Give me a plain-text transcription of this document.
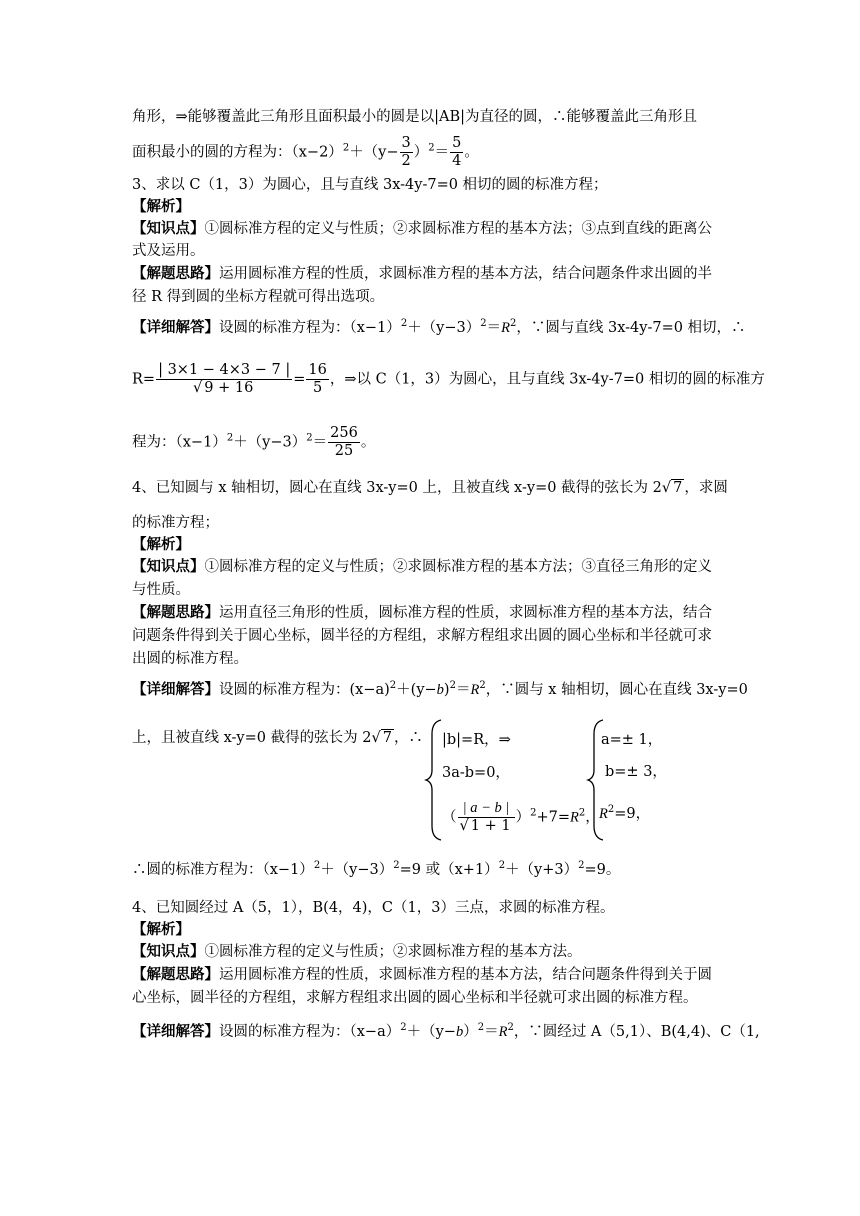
角形，⇒能够覆盖此三角形且面积最小的圆是以|AB|为直径的圆，∴能够覆盖此三角形且
面积最小的圆的方程为：$(x-2)^2+(y- \frac{3}{2} )^2= \frac{5}{4}$ 。
3、求以 C（1，3）为圆心，且与直线 3x-4y-7=0 相切的圆的标准方程；
【解析】
【知识点】①圆标准方程的定义与性质；②求圆标准方程的基本方法；③点到直线的距离公
式及运用。
【解题思路】运用圆标准方程的性质，求圆标准方程的基本方法，结合问题条件求出圆的半
径 R 得到圆的坐标方程就可得出选项。
【详细解答】设圆的标准方程为：$(x-1)^2+(y-3)^2=R^2$，∵圆与直线 3x-4y-7=0 相切，∴
$R= \frac{| 3\times 1 - 4\times 3 - 7 |}{√ 9 + 16} = \frac{16}{5}$ ，⇒以 C（1，3）为圆心，且与直线 3x-4y-7=0 相切的圆的标准方
程为：$(x-1)^2+(y-3)^2= \frac{256}{25}$ 。
4、已知圆与 x 轴相切，圆心在直线 3x-y=0 上，且被直线 x-y=0 截得的弦长为 2√ 7 ，求圆
的标准方程；
【解析】
【知识点】①圆标准方程的定义与性质；②求圆标准方程的基本方法；③直径三角形的定义
与性质。
【解题思路】运用直径三角形的性质，圆标准方程的性质，求圆标准方程的基本方法，结合
问题条件得到关于圆心坐标，圆半径的方程组，求解方程组求出圆的圆心坐标和半径就可求
出圆的标准方程。
【详细解答】设圆的标准方程为：$(x-a)^2+(y-b)^2=R^2$，∵圆与 x 轴相切，圆心在直线 3x-y=0
上，且被直线 x-y=0 截得的弦长为 2√ 7 ，∴ |b|=R，⇒
3a-b=0，
（ $\frac{| a - b |}{√ 1 + 1} )^2+7=R^2$，
a=± 1，
b=± 3，
$R^2=9$，
∴圆的标准方程为：$(x-1)^2+(y-3)^2=9$ 或$(x+1)^2+(y+3)^2=9$。
4、已知圆经过 A（5，1），B(4，4)，C（1，3）三点，求圆的标准方程。
【解析】
【知识点】①圆标准方程的定义与性质；②求圆标准方程的基本方法。
【解题思路】运用圆标准方程的性质，求圆标准方程的基本方法，结合问题条件得到关于圆
心坐标，圆半径的方程组，求解方程组求出圆的圆心坐标和半径就可求出圆的标准方程。
【详细解答】设圆的标准方程为：$(x-a)^2+(y-b)^2=R^2$，∵圆经过 A（5,1）、B(4,4)、C（1,
